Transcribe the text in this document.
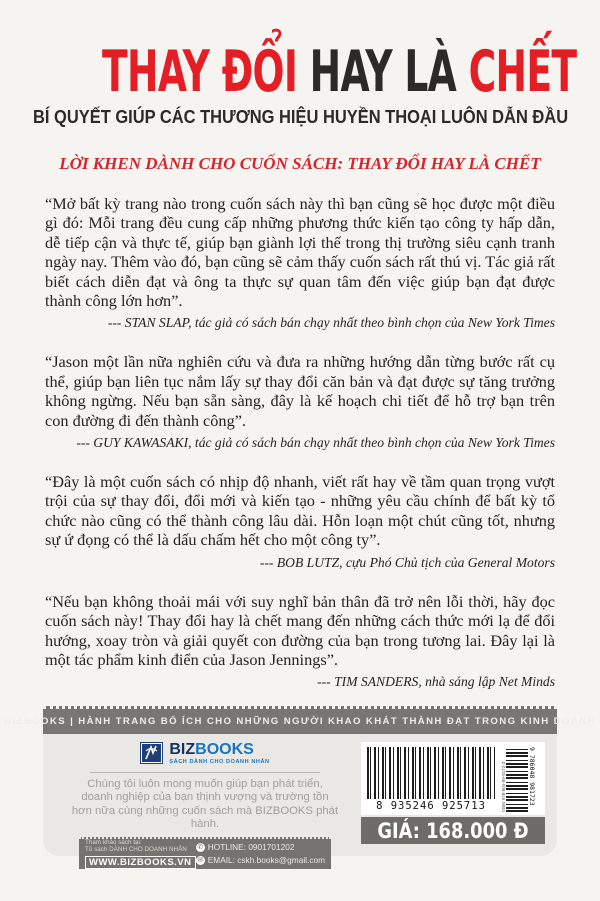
THAY ĐỔI HAY LÀ CHẾT
BÍ QUYẾT GIÚP CÁC THƯƠNG HIỆU HUYỀN THOẠI LUÔN DẪN ĐẦU
LỜI KHEN DÀNH CHO CUỐN SÁCH: THAY ĐỔI HAY LÀ CHẾT

“Mở bất kỳ trang nào trong cuốn sách này thì bạn cũng sẽ học được một điều gì đó: Mỗi trang đều cung cấp những phương thức kiến tạo công ty hấp dẫn, dễ tiếp cận và thực tế, giúp bạn giành lợi thế trong thị trường siêu cạnh tranh ngày nay. Thêm vào đó, bạn cũng sẽ cảm thấy cuốn sách rất thú vị. Tác giả rất biết cách diễn đạt và ông ta thực sự quan tâm đến việc giúp bạn đạt được thành công lớn hơn”.

--- STAN SLAP, tác giả có sách bán chạy nhất theo bình chọn của New York Times

“Jason một lần nữa nghiên cứu và đưa ra những hướng dẫn từng bước rất cụ thể, giúp bạn liên tục nắm lấy sự thay đổi căn bản và đạt được sự tăng trưởng không ngừng. Nếu bạn sẵn sàng, đây là kế hoạch chi tiết để hỗ trợ bạn trên con đường đi đến thành công”.

--- GUY KAWASAKI, tác giả có sách bán chạy nhất theo bình chọn của New York Times

“Đây là một cuốn sách có nhịp độ nhanh, viết rất hay về tầm quan trọng vượt trội của sự thay đổi, đổi mới và kiến tạo - những yêu cầu chính để bất kỳ tổ chức nào cũng có thể thành công lâu dài. Hỗn loạn một chút cũng tốt, nhưng sự ứ đọng có thể là dấu chấm hết cho một công ty”.

--- BOB LUTZ, cựu Phó Chủ tịch của General Motors

“Nếu bạn không thoải mái với suy nghĩ bản thân đã trở nên lỗi thời, hãy đọc cuốn sách này! Thay đổi hay là chết mang đến những cách thức mới lạ để đổi hướng, xoay tròn và giải quyết con đường của bạn trong tương lai. Đây lại là một tác phẩm kinh điển của Jason Jennings”.

--- TIM SANDERS, nhà sáng lập Net Minds

BIZBOOKS | HÀNH TRANG BỔ ÍCH CHO NHỮNG NGƯỜI KHAO KHÁT THÀNH ĐẠT TRONG KINH DOANH
BIZBOOKS
SÁCH DÀNH CHO DOANH NHÂN
Chúng tôi luôn mong muốn giúp bạn phát triển, doanh nghiệp của bạn thịnh vượng và trường tồn hơn nữa cùng những cuốn sách mà BIZBOOKS phát hành.
Tham khảo sách tại:
Tủ sách DÀNH CHO DOANH NHÂN
WWW.BIZBOOKS.VN
✆ HOTLINE: 0901701202
✉ EMAIL: cskh.books@gmail.com
8 935246 925713	ISBN 978-604-89-8172-3	9 786048 981723
GIÁ: 168.000 Đ
